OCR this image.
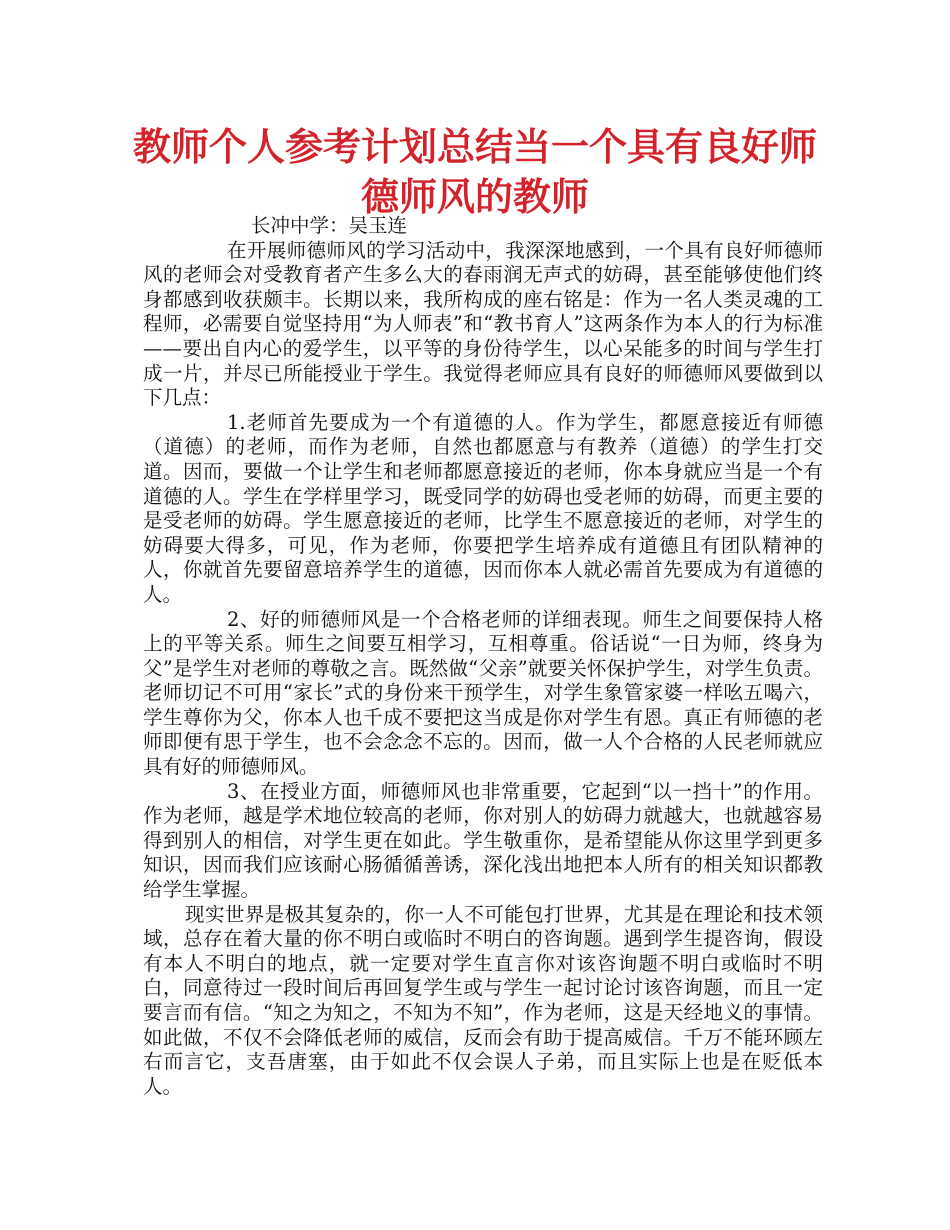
教师个人参考计划总结当一个具有良好师德师风的教师

长冲中学：吴玉连

在开展师德师风的学习活动中，我深深地感到，一个具有良好师德师风的老师会对受教育者产生多么大的春雨润无声式的妨碍，甚至能够使他们终身都感到收获颇丰。长期以来，我所构成的座右铭是：作为一名人类灵魂的工程师，必需要自觉坚持用“为人师表”和“教书育人”这两条作为本人的行为标准——要出自内心的爱学生，以平等的身份待学生，以心呆能多的时间与学生打成一片，并尽已所能授业于学生。我觉得老师应具有良好的师德师风要做到以下几点：

1.老师首先要成为一个有道德的人。作为学生，都愿意接近有师德（道德）的老师，而作为老师，自然也都愿意与有教养（道德）的学生打交道。因而，要做一个让学生和老师都愿意接近的老师，你本身就应当是一个有道德的人。学生在学样里学习，既受同学的妨碍也受老师的妨碍，而更主要的是受老师的妨碍。学生愿意接近的老师，比学生不愿意接近的老师，对学生的妨碍要大得多，可见，作为老师，你要把学生培养成有道德且有团队精神的人，你就首先要留意培养学生的道德，因而你本人就必需首先要成为有道德的人。

2、好的师德师风是一个合格老师的详细表现。师生之间要保持人格上的平等关系。师生之间要互相学习，互相尊重。俗话说“一日为师，终身为父”是学生对老师的尊敬之言。既然做“父亲”就要关怀保护学生，对学生负责。老师切记不可用“家长”式的身份来干预学生，对学生象管家婆一样吆五喝六，学生尊你为父，你本人也千成不要把这当成是你对学生有恩。真正有师德的老师即便有思于学生，也不会念念不忘的。因而，做一人个合格的人民老师就应具有好的师德师风。

3、在授业方面，师德师风也非常重要，它起到“以一挡十”的作用。作为老师，越是学术地位较高的老师，你对别人的妨碍力就越大，也就越容易得到别人的相信，对学生更在如此。学生敬重你，是希望能从你这里学到更多知识，因而我们应该耐心肠循循善诱，深化浅出地把本人所有的相关知识都教给学生掌握。

现实世界是极其复杂的，你一人不可能包打世界，尤其是在理论和技术领域，总存在着大量的你不明白或临时不明白的咨询题。遇到学生提咨询，假设有本人不明白的地点，就一定要对学生直言你对该咨询题不明白或临时不明白，同意待过一段时间后再回复学生或与学生一起讨论讨该咨询题，而且一定要言而有信。“知之为知之，不知为不知”，作为老师，这是天经地义的事情。如此做，不仅不会降低老师的威信，反而会有助于提高威信。千万不能环顾左右而言它，支吾唐塞，由于如此不仅会误人子弟，而且实际上也是在贬低本人。
